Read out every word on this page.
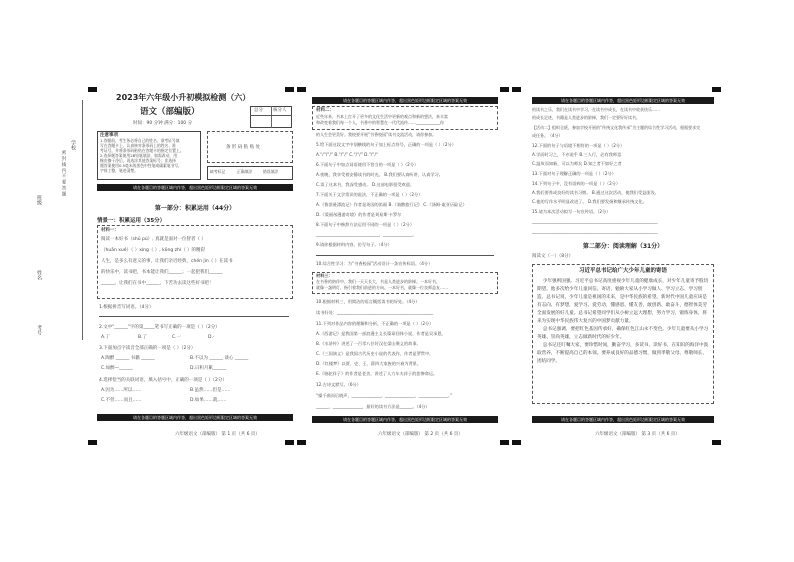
密 封 线 内 不 要 答 题
学校
班级
姓名
考号
2023年六年级小升初模拟检测（六）
语文（部编版）
时间：90 分钟 满分：100 分
总分 核分人
注意事项
1.答题前，考生务必将自己的姓名、准考证号填
写在答题卡上，认真核对条形码上的姓名、准
考证号，并将条形码粘贴在答题卡的指定位置上。
2.选择题答案使用2B铅笔填涂，如需改动，用
橡皮擦干净后，再选涂其他答案标号；非选择
题答案使用0.5毫米的黑色中性笔或碳素笔书写，
字体工整，笔迹清楚。
条 形 码 粘 贴 处
缺考标记	正确填涂	错误填涂
请在各题目的答题区域内作答，超出黑色矩形边框限定区域的答案无效
第一部分：积累运用（44分）
情景一：积累运用（35分）
材料一：
阅读一本好书（shū pú）, 真就是面对一位智者（ ）
（huān xué）（ ）xìng（ ）, kōng zhì（ ）的精彩
人生，是多么有意义的事，让我们亲近经典，chén jìn（ ）在读书
的快乐中，读书吧，书本能让我们______；一起把我们______
______。让我们在书中______，下苦功去读这些好书吧！
1.根据拼音写词语。（4分）
2.文中"______"字的第_____笔书写正确的一项是（ ）（2分）
A.丁	B.了	C.一	D.·
3.下面加点字读音全部正确的一项是（ ）（2分）
A.陶醉 ______ 书籍 ______	B.不以为 ______ 谈心 ______
C.如醉—______	D.日积月累______
4.选择恰当的关联词语，填入括号中，正确的一项是（ ）（2分）
A.因为……所以……	B.虽然……但是……
C.不但……而且……	D.如果……就……
请在各题目的答题区域内作答，超出黑色矩形边框限定区域的答案无效
六年级语文（部编版） 第 1 页（共 6 页）
请在各题目的答题区域内作答，超出黑色矩形边框限定区域的答案无效
材料二：
近些年来，书本上打开了更多的文化生活中更新的观点和新的想法，来丰富
和改变着我们每一个人，书香中的智慧在一代代流传……____________你
的人生会更美好。我校要开展“书香校园”读书交流活动，请你参加。
5.给下面这段文字中划横线的句子加上标点符号，正确的一项是（ ）（2分）
A.“/”/“/” B.“/”/” C.“/“/” D.”/“/“
6.下面句子中加点词语使用不恰当的一项是（ ）（2分）
A.夜晚，我享受着安静读书的时光。 B.我们要认真听讲，认真学习。
C.读了这本书，我深受感动。 D.这部电影很受欢迎。
7.下面关于文学常识的说法，不正确的一项是（ ）（2分）
A.《鲁滨逊漂流记》作者是英国的笛福 B.《骑鹅旅行记》 C.《汤姆·索亚历险记》
D.《爱丽丝漫游奇境》的作者是刘易斯·卡罗尔
8.下面句子中修辞方法运用不同的一项是（ ）（2分）
______________________________，______________。
9.请你根据材料内容，仿写句子。（4分）
10.综合性学习：为“书香校园”活动设计一条宣传标语。（4分）
材料三：
在书香的陪伴中，我们一天天长大，书是人类进步的阶梯。一本好书，
就像一盏明灯，指引着我们前进的方向。一本好书，就像一位良师益友……
10.根据材料三，用简洁的语言概括读书的好处。（4分）
读书好处：______________________________________________
11.下列对作品内容的理解和分析，不正确的一项是（ ）（2分）
A.《西游记》是我国第一部浪漫主义长篇章回体小说，作者是吴承恩。
B.《水浒传》讲述了一百零八位好汉在梁山聚义的故事。
C.《三国演义》是我国古代历史小说的代表作，作者是罗贯中。
D.《红楼梦》以贾、史、王、薛四大家族的兴衰为背景。
E.《骆驼祥子》的作者是老舍，讲述了人力车夫祥子的悲惨命运。
12.古诗文默写。（6分）
“操千曲而后晓声，______________。______________，______________。”
______，______________，最好的读书方法是______。（4分）
请在各题目的答题区域内作答，超出黑色矩形边框限定区域的答案无效
六年级语文（部编版） 第 2 页（共 6 页）
请在各题目的答题区域内作答，超出黑色矩形边框限定区域的答案无效
的读书之乐，我们在读书中学习，在读书中成长，在读书中收获快乐……
的成长足迹，书籍是人类进步的阶梯，我们一定要好好读书。
【活动二】组织全班，参加学校开展的“传统文化我传承”为主题的综合性学习活动，根据要求完
成任务。（4分）
12.下面的句子与语境不相符的一项是（ ）（2分）
A.学而时习之，不亦说乎 B.三人行，必有我师焉
C.温故而知新，可以为师矣 D.知之者不如好之者
13.下面对句子理解正确的一项是（ ）（2分）
14.下列句子中，没有语病的一项是（ ）（2分）
A.我们要养成良好的读书习惯。 B.通过这次活动，使我们受益匪浅。
C.他的写作水平明显改进了。 D.我们要发扬和继承传统文化。
15.请为本次活动拟写一句宣传语。（2分）
____________________________________________________________
____________________________________________________________
第二部分：阅读理解（31分）
阅读文（一）（8分）
习近平总书记给广大少年儿童的寄语
少年强则国强。习近平总书记高度重视少年儿童的健康成长，对少年儿童寄予殷切期望。他多次给少年儿童回信、寄语，勉励大家从小学习做人、学习立志、学习创造。总书记说，少年儿童是祖国的未来，是中华民族的希望。新时代中国儿童应该是有志向、有梦想，爱学习、爱劳动，懂感恩、懂友善，敢创新、敢奋斗，德智体美劳全面发展的好儿童。总书记希望同学们从小树立远大理想，努力学习，锻炼身体，将来为实现中华民族伟大复兴的中国梦贡献力量。
总书记强调，要把红色基因传承好，确保红色江山永不变色。少年儿童要从小学习英雄、崇尚英雄，立志做新时代的好少年。
总书记还叮嘱大家，要珍惜时间，勤奋学习，多读书、读好书，在知识的海洋中汲取营养，不断提高自己的本领。要养成良好的品德习惯，做到孝敬父母、尊敬师长、团结同学。
请在各题目的答题区域内作答，超出黑色矩形边框限定区域的答案无效
六年级语文（部编版） 第 3 页（共 6 页）
